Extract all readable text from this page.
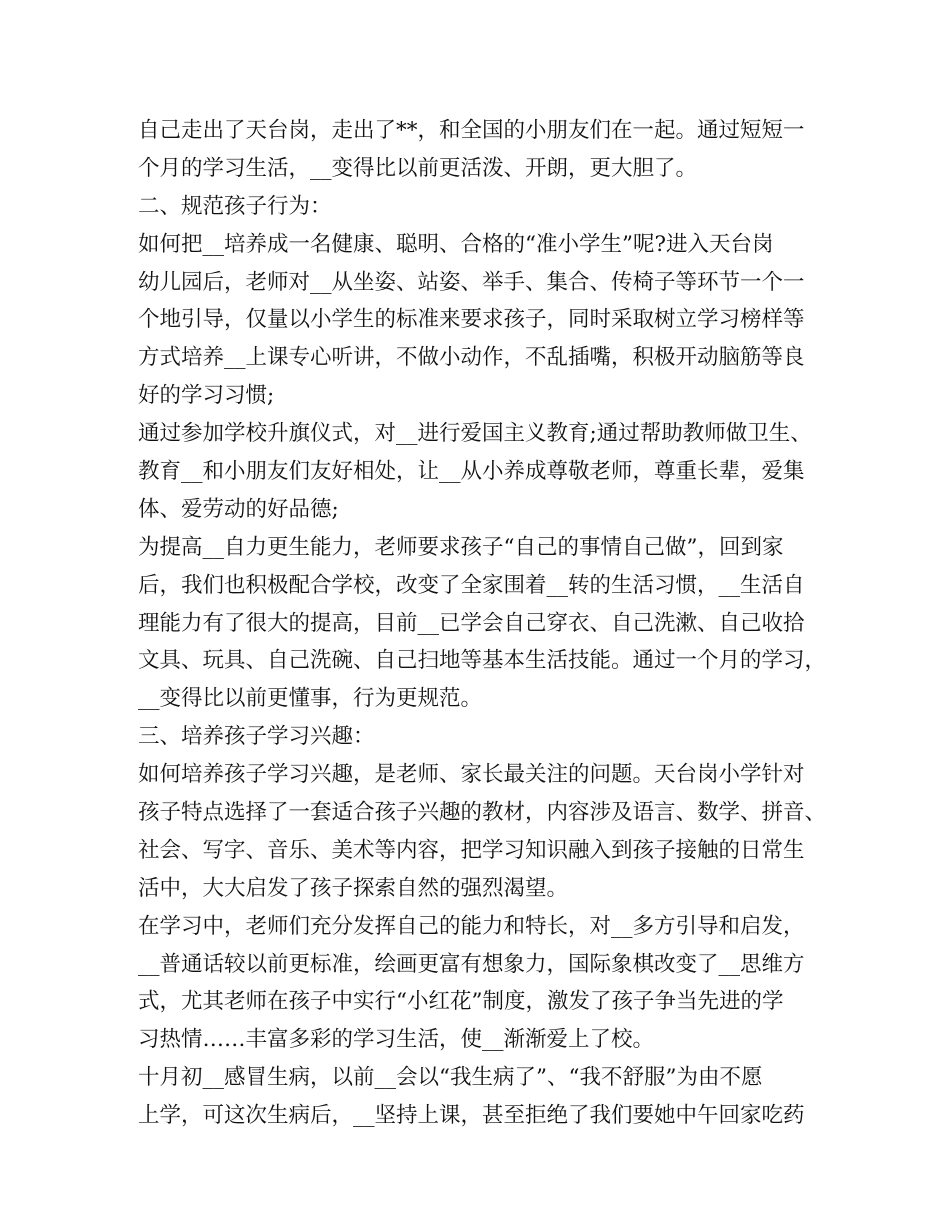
自己走出了天台岗，走出了**，和全国的小朋友们在一起。通过短短一
个月的学习生活，__变得比以前更活泼、开朗，更大胆了。
二、规范孩子行为：
如何把__培养成一名健康、聪明、合格的“准小学生”呢?进入天台岗
幼儿园后，老师对__从坐姿、站姿、举手、集合、传椅子等环节一个一
个地引导，仅量以小学生的标准来要求孩子，同时采取树立学习榜样等
方式培养__上课专心听讲，不做小动作，不乱插嘴，积极开动脑筋等良
好的学习习惯;
通过参加学校升旗仪式，对__进行爱国主义教育;通过帮助教师做卫生、
教育__和小朋友们友好相处，让__从小养成尊敬老师，尊重长辈，爱集
体、爱劳动的好品德;
为提高__自力更生能力，老师要求孩子“自己的事情自己做”，回到家
后，我们也积极配合学校，改变了全家围着__转的生活习惯，__生活自
理能力有了很大的提高，目前__已学会自己穿衣、自己洗漱、自己收拾
文具、玩具、自己洗碗、自己扫地等基本生活技能。通过一个月的学习，
__变得比以前更懂事，行为更规范。
三、培养孩子学习兴趣：
如何培养孩子学习兴趣，是老师、家长最关注的问题。天台岗小学针对
孩子特点选择了一套适合孩子兴趣的教材，内容涉及语言、数学、拼音、
社会、写字、音乐、美术等内容，把学习知识融入到孩子接触的日常生
活中，大大启发了孩子探索自然的强烈渴望。
在学习中，老师们充分发挥自己的能力和特长，对__多方引导和启发，
__普通话较以前更标准，绘画更富有想象力，国际象棋改变了__思维方
式，尤其老师在孩子中实行“小红花”制度，激发了孩子争当先进的学
习热情……丰富多彩的学习生活，使__渐渐爱上了校。
十月初__感冒生病，以前__会以“我生病了”、“我不舒服”为由不愿
上学，可这次生病后，__坚持上课，甚至拒绝了我们要她中午回家吃药
